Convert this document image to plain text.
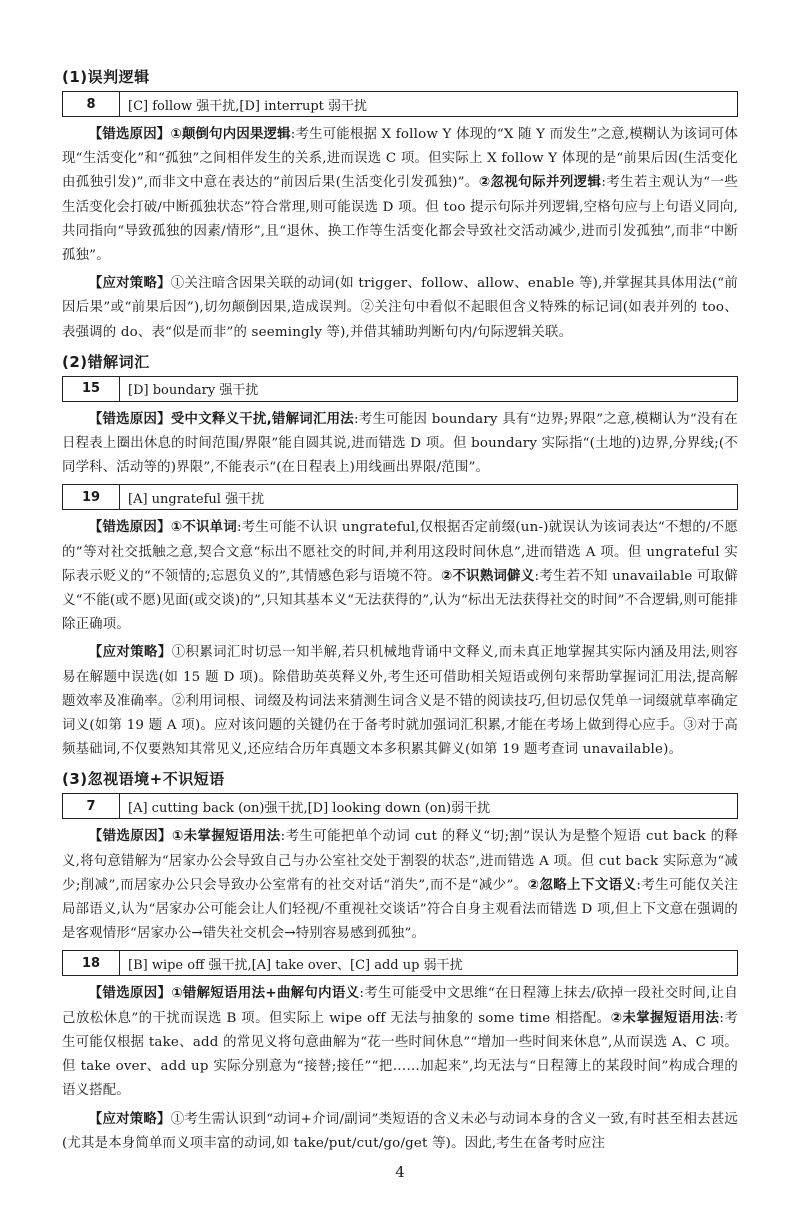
(1)误判逻辑
8	[C] follow 强干扰,[D] interrupt 弱干扰

【错选原因】①颠倒句内因果逻辑:考生可能根据 X follow Y 体现的“X 随 Y 而发生”之意,模糊认为该词可体现“生活变化”和“孤独”之间相伴发生的关系,进而误选 C 项。但实际上 X follow Y 体现的是“前果后因(生活变化由孤独引发)”,而非文中意在表达的“前因后果(生活变化引发孤独)”。②忽视句际并列逻辑:考生若主观认为“一些生活变化会打破/中断孤独状态”符合常理,则可能误选 D 项。但 too 提示句际并列逻辑,空格句应与上句语义同向,共同指向“导致孤独的因素/情形”,且“退休、换工作等生活变化都会导致社交活动减少,进而引发孤独”,而非“中断孤独”。

【应对策略】①关注暗含因果关联的动词(如 trigger、follow、allow、enable 等),并掌握其具体用法(“前因后果”或“前果后因”),切勿颠倒因果,造成误判。②关注句中看似不起眼但含义特殊的标记词(如表并列的 too、表强调的 do、表“似是而非”的 seemingly 等),并借其辅助判断句内/句际逻辑关联。

(2)错解词汇
15	[D] boundary 强干扰

【错选原因】受中文释义干扰,错解词汇用法:考生可能因 boundary 具有“边界;界限”之意,模糊认为“没有在日程表上圈出休息的时间范围/界限”能自圆其说,进而错选 D 项。但 boundary 实际指“(土地的)边界,分界线;(不同学科、活动等的)界限”,不能表示“(在日程表上)用线画出界限/范围”。

19	[A] ungrateful 强干扰

【错选原因】①不识单词:考生可能不认识 ungrateful,仅根据否定前缀(un-)就误认为该词表达“不想的/不愿的”等对社交抵触之意,契合文意“标出不愿社交的时间,并利用这段时间休息”,进而错选 A 项。但 ungrateful 实际表示贬义的“不领情的;忘恩负义的”,其情感色彩与语境不符。②不识熟词僻义:考生若不知 unavailable 可取僻义“不能(或不愿)见面(或交谈)的”,只知其基本义“无法获得的”,认为“标出无法获得社交的时间”不合逻辑,则可能排除正确项。

【应对策略】①积累词汇时切忌一知半解,若只机械地背诵中文释义,而未真正地掌握其实际内涵及用法,则容易在解题中误选(如 15 题 D 项)。除借助英英释义外,考生还可借助相关短语或例句来帮助掌握词汇用法,提高解题效率及准确率。②利用词根、词缀及构词法来猜测生词含义是不错的阅读技巧,但切忌仅凭单一词缀就草率确定词义(如第 19 题 A 项)。应对该问题的关键仍在于备考时就加强词汇积累,才能在考场上做到得心应手。③对于高频基础词,不仅要熟知其常见义,还应结合历年真题文本多积累其僻义(如第 19 题考查词 unavailable)。

(3)忽视语境+不识短语
7	[A] cutting back (on)强干扰,[D] looking down (on)弱干扰

【错选原因】①未掌握短语用法:考生可能把单个动词 cut 的释义“切;割”误认为是整个短语 cut back 的释义,将句意错解为“居家办公会导致自己与办公室社交处于割裂的状态”,进而错选 A 项。但 cut back 实际意为“减少;削减”,而居家办公只会导致办公室常有的社交对话“消失”,而不是“减少”。②忽略上下文语义:考生可能仅关注局部语义,认为“居家办公可能会让人们轻视/不重视社交谈话”符合自身主观看法而错选 D 项,但上下文意在强调的是客观情形“居家办公→错失社交机会→特别容易感到孤独”。

18	[B] wipe off 强干扰,[A] take over、[C] add up 弱干扰

【错选原因】①错解短语用法+曲解句内语义:考生可能受中文思维“在日程簿上抹去/砍掉一段社交时间,让自己放松休息”的干扰而误选 B 项。但实际上 wipe off 无法与抽象的 some time 相搭配。②未掌握短语用法:考生可能仅根据 take、add 的常见义将句意曲解为“花一些时间休息”“增加一些时间来休息”,从而误选 A、C 项。但 take over、add up 实际分别意为“接替;接任”“把……加起来”,均无法与“日程簿上的某段时间”构成合理的语义搭配。

【应对策略】①考生需认识到“动词+介词/副词”类短语的含义未必与动词本身的含义一致,有时甚至相去甚远(尤其是本身简单而义项丰富的动词,如 take/put/cut/go/get 等)。因此,考生在备考时应注

4
